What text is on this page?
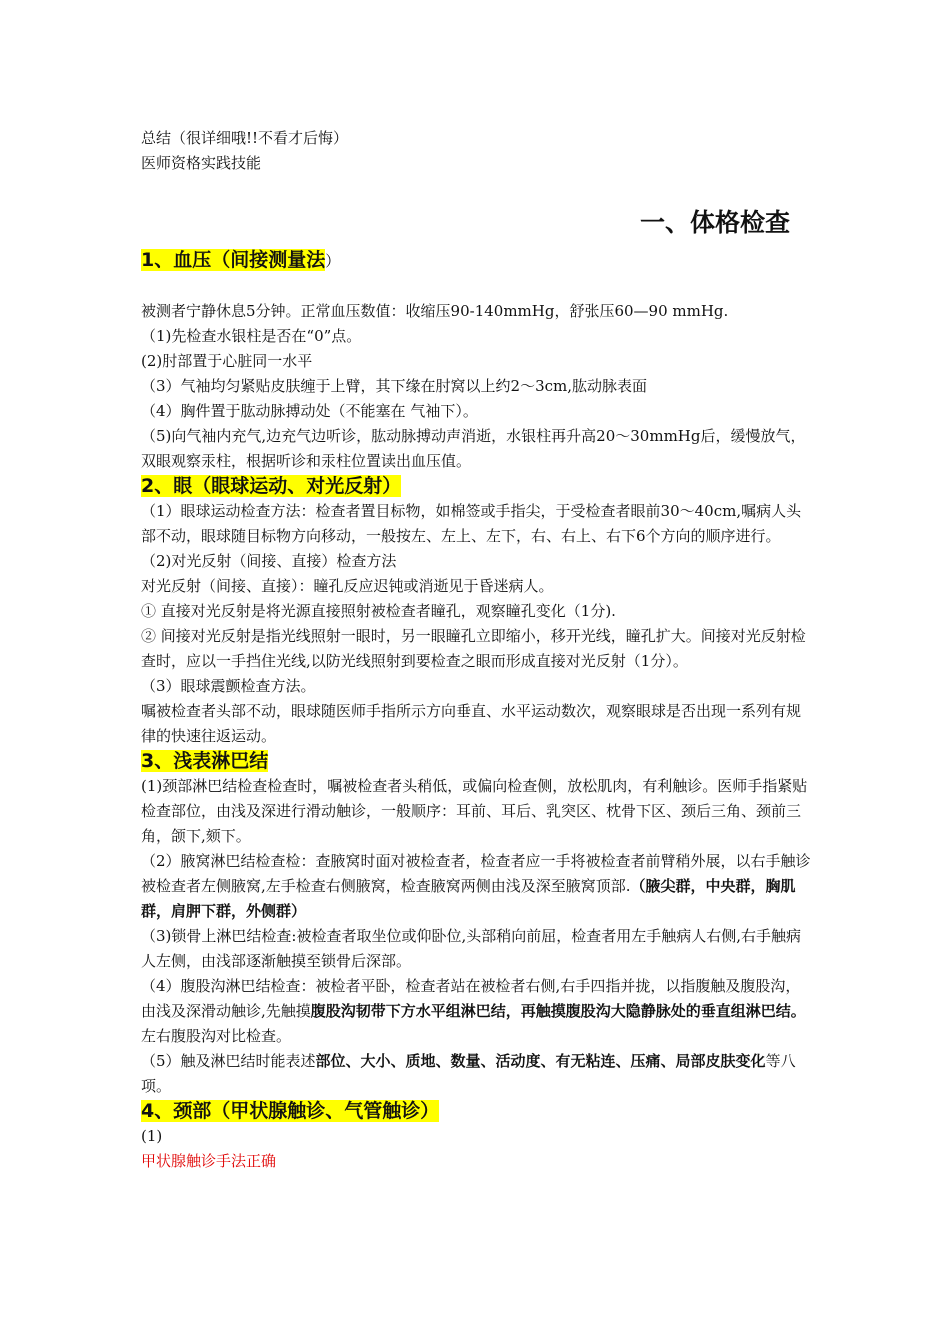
总结（很详细哦!!不看才后悔）
医师资格实践技能
一、体格检查
1、血压（间接测量法）

被测者宁静休息5分钟。正常血压数值：收缩压90-140mmHg，舒张压60—90 mmHg.

（1)先检查水银柱是否在“0”点。

(2)肘部置于心脏同一水平

（3）气袖均匀紧贴皮肤缠于上臂，其下缘在肘窝以上约2～3cm,肱动脉表面

（4）胸件置于肱动脉搏动处（不能塞在 气袖下）。

（5)向气袖内充气,边充气边听诊，肱动脉搏动声消逝，水银柱再升高20～30mmHg后，缓慢放气，双眼观察汞柱，根据听诊和汞柱位置读出血压值。

2、眼（眼球运动、对光反射）

（1）眼球运动检查方法：检查者置目标物，如棉签或手指尖，于受检查者眼前30～40cm,嘱病人头部不动，眼球随目标物方向移动，一般按左、左上、左下，右、右上、右下6个方向的顺序进行。

（2)对光反射（间接、直接）检查方法

对光反射（间接、直接）：瞳孔反应迟钝或消逝见于昏迷病人。

① 直接对光反射是将光源直接照射被检查者瞳孔，观察瞳孔变化（1分).

② 间接对光反射是指光线照射一眼时，另一眼瞳孔立即缩小，移开光线，瞳孔扩大。间接对光反射检查时，应以一手挡住光线,以防光线照射到要检查之眼而形成直接对光反射（1分）。

（3）眼球震颤检查方法。

嘱被检查者头部不动，眼球随医师手指所示方向垂直、水平运动数次，观察眼球是否出现一系列有规律的快速往返运动。

3、浅表淋巴结

(1)颈部淋巴结检查检查时，嘱被检查者头稍低，或偏向检查侧，放松肌肉，有利触诊。医师手指紧贴检查部位，由浅及深进行滑动触诊，一般顺序：耳前、耳后、乳突区、枕骨下区、颈后三角、颈前三角，颌下,颏下。

（2）腋窝淋巴结检查检：查腋窝时面对被检查者，检查者应一手将被检查者前臂稍外展，以右手触诊被检查者左侧腋窝,左手检查右侧腋窝，检查腋窝两侧由浅及深至腋窝顶部.（腋尖群，中央群，胸肌群，肩胛下群，外侧群）

（3)锁骨上淋巴结检查:被检查者取坐位或仰卧位,头部稍向前屈，检查者用左手触病人右侧,右手触病人左侧，由浅部逐渐触摸至锁骨后深部。

（4）腹股沟淋巴结检查：被检者平卧，检查者站在被检者右侧,右手四指并拢，以指腹触及腹股沟，由浅及深滑动触诊,先触摸腹股沟韧带下方水平组淋巴结，再触摸腹股沟大隐静脉处的垂直组淋巴结。左右腹股沟对比检查。

（5）触及淋巴结时能表述部位、大小、质地、数量、活动度、有无粘连、压痛、局部皮肤变化等八项。

4、颈部（甲状腺触诊、气管触诊）

(1)

甲状腺触诊手法正确
